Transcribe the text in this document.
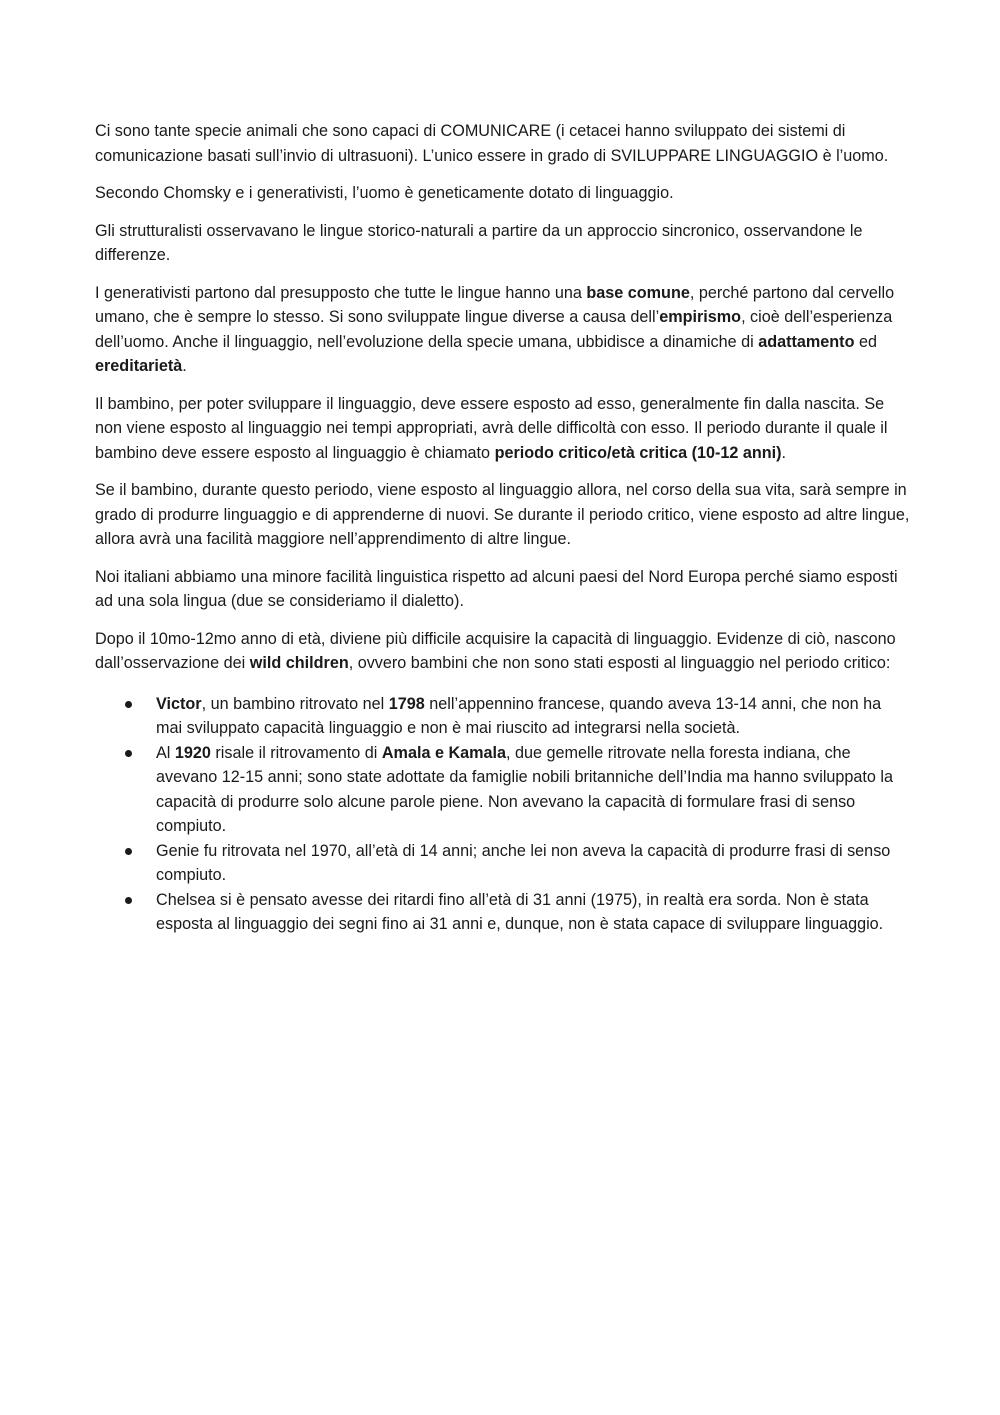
Ci sono tante specie animali che sono capaci di COMUNICARE (i cetacei hanno sviluppato dei sistemi di comunicazione basati sull’invio di ultrasuoni). L’unico essere in grado di SVILUPPARE LINGUAGGIO è l’uomo.

Secondo Chomsky e i generativisti, l’uomo è geneticamente dotato di linguaggio.

Gli strutturalisti osservavano le lingue storico-naturali a partire da un approccio sincronico, osservandone le differenze.

I generativisti partono dal presupposto che tutte le lingue hanno una base comune, perché partono dal cervello umano, che è sempre lo stesso. Si sono sviluppate lingue diverse a causa dell’empirismo, cioè dell’esperienza dell’uomo. Anche il linguaggio, nell’evoluzione della specie umana, ubbidisce a dinamiche di adattamento ed ereditarietà.

Il bambino, per poter sviluppare il linguaggio, deve essere esposto ad esso, generalmente fin dalla nascita. Se non viene esposto al linguaggio nei tempi appropriati, avrà delle difficoltà con esso. Il periodo durante il quale il bambino deve essere esposto al linguaggio è chiamato periodo critico/età critica (10-12 anni).

Se il bambino, durante questo periodo, viene esposto al linguaggio allora, nel corso della sua vita, sarà sempre in grado di produrre linguaggio e di apprenderne di nuovi. Se durante il periodo critico, viene esposto ad altre lingue, allora avrà una facilità maggiore nell’apprendimento di altre lingue.

Noi italiani abbiamo una minore facilità linguistica rispetto ad alcuni paesi del Nord Europa perché siamo esposti ad una sola lingua (due se consideriamo il dialetto).

Dopo il 10mo-12mo anno di età, diviene più difficile acquisire la capacità di linguaggio. Evidenze di ciò, nascono dall’osservazione dei wild children, ovvero bambini che non sono stati esposti al linguaggio nel periodo critico:

Victor, un bambino ritrovato nel 1798 nell’appennino francese, quando aveva 13-14 anni, che non ha mai sviluppato capacità linguaggio e non è mai riuscito ad integrarsi nella società.
Al 1920 risale il ritrovamento di Amala e Kamala, due gemelle ritrovate nella foresta indiana, che avevano 12-15 anni; sono state adottate da famiglie nobili britanniche dell’India ma hanno sviluppato la capacità di produrre solo alcune parole piene. Non avevano la capacità di formulare frasi di senso compiuto.
Genie fu ritrovata nel 1970, all’età di 14 anni; anche lei non aveva la capacità di produrre frasi di senso compiuto.
Chelsea si è pensato avesse dei ritardi fino all’età di 31 anni (1975), in realtà era sorda. Non è stata esposta al linguaggio dei segni fino ai 31 anni e, dunque, non è stata capace di sviluppare linguaggio.
